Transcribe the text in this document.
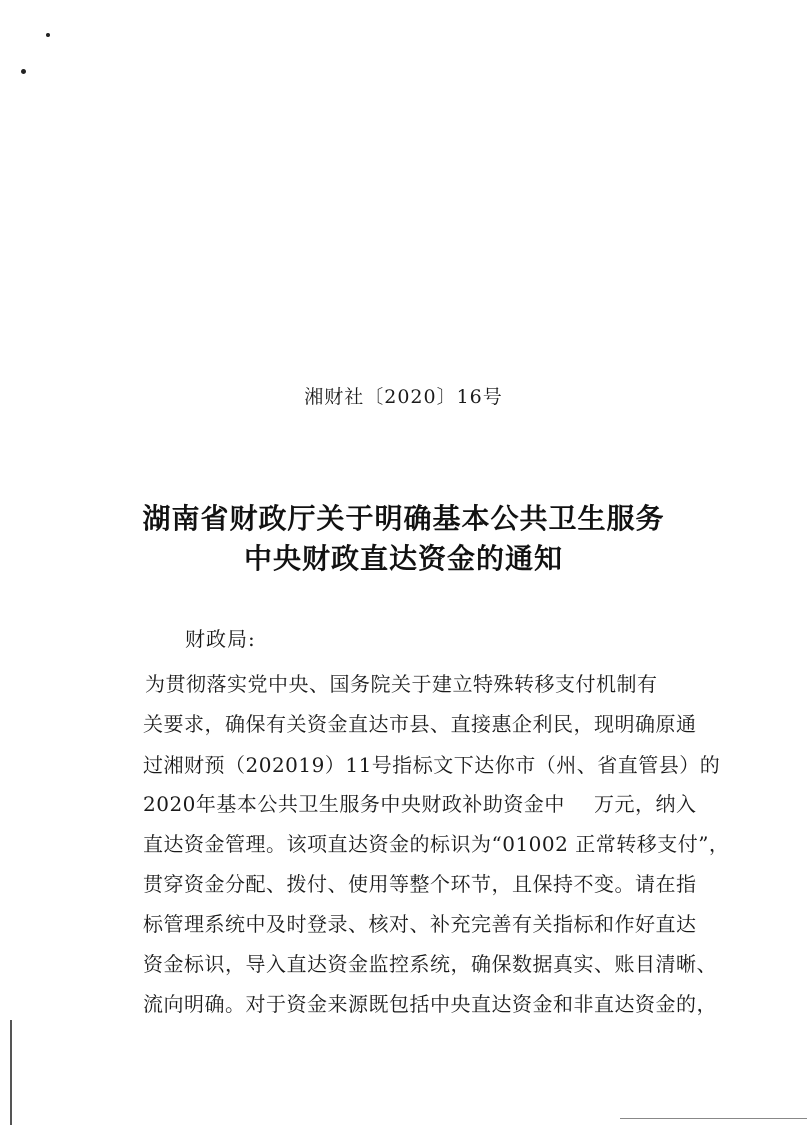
湘财社〔2020〕16号
湖南省财政厅关于明确基本公共卫生服务
中央财政直达资金的通知
财政局:
为贯彻落实党中央、国务院关于建立特殊转移支付机制有
关要求，确保有关资金直达市县、直接惠企利民，现明确原通
过湘财预（202019）11号指标文下达你市（州、省直管县）的
2020年基本公共卫生服务中央财政补助资金中 万元，纳入
直达资金管理。该项直达资金的标识为“01002 正常转移支付”，
贯穿资金分配、拨付、使用等整个环节，且保持不变。请在指
标管理系统中及时登录、核对、补充完善有关指标和作好直达
资金标识，导入直达资金监控系统，确保数据真实、账目清晰、
流向明确。对于资金来源既包括中央直达资金和非直达资金的，
